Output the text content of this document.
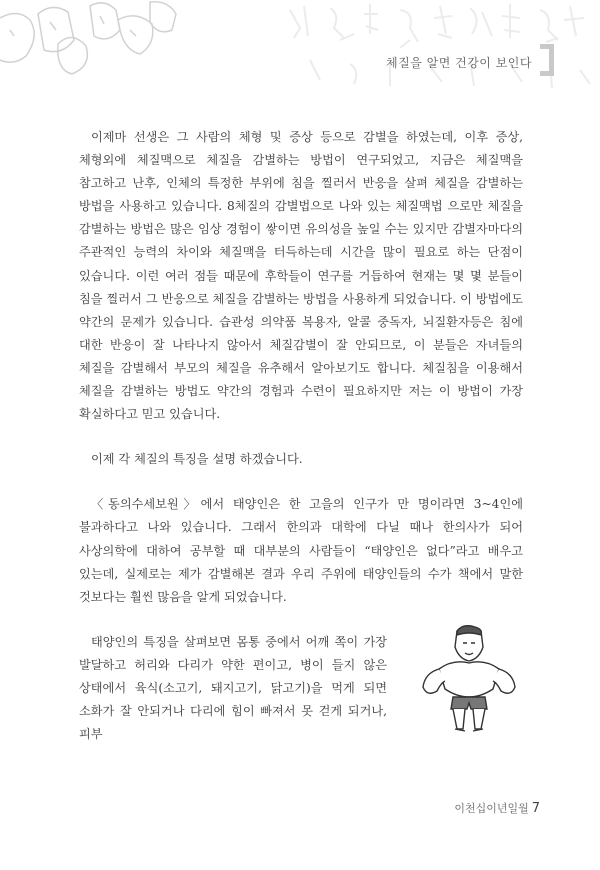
체질을 알면 건강이 보인다

이제마 선생은 그 사람의 체형 및 증상 등으로 감별을 하였는데, 이후 증상, 체형외에 체질맥으로 체질을 감별하는 방법이 연구되었고, 지금은 체질맥을 참고하고 난후, 인체의 특정한 부위에 침을 찔러서 반응을 살펴 체질을 감별하는 방법을 사용하고 있습니다. 8체질의 감별법으로 나와 있는 체질맥법 으로만 체질을 감별하는 방법은 많은 임상 경험이 쌓이면 유의성을 높일 수는 있지만 감별자마다의 주관적인 능력의 차이와 체질맥을 터득하는데 시간을 많이 필요로 하는 단점이 있습니다. 이런 여러 점들 때문에 후학들이 연구를 거듭하여 현재는 몇 몇 분들이 침을 찔러서 그 반응으로 체질을 감별하는 방법을 사용하게 되었습니다. 이 방법에도 약간의 문제가 있습니다. 습관성 의약품 복용자, 알콜 중독자, 뇌질환자등은 침에 대한 반응이 잘 나타나지 않아서 체질감별이 잘 안되므로, 이 분들은 자녀들의 체질을 감별해서 부모의 체질을 유추해서 알아보기도 합니다. 체질침을 이용해서 체질을 감별하는 방법도 약간의 경험과 수련이 필요하지만 저는 이 방법이 가장 확실하다고 믿고 있습니다.

이제 각 체질의 특징을 설명 하겠습니다.

〈동의수세보원〉에서 태양인은 한 고을의 인구가 만 명이라면 3~4인에 불과하다고 나와 있습니다. 그래서 한의과 대학에 다닐 때나 한의사가 되어 사상의학에 대하여 공부할 때 대부분의 사람들이 “태양인은 없다”라고 배우고 있는데, 실제로는 제가 감별해본 결과 우리 주위에 태양인들의 수가 책에서 말한 것보다는 훨씬 많음을 알게 되었습니다.

태양인의 특징을 살펴보면 몸통 중에서 어깨 쪽이 가장 발달하고 허리와 다리가 약한 편이고, 병이 들지 않은 상태에서 육식(소고기, 돼지고기, 닭고기)을 먹게 되면 소화가 잘 안되거나 다리에 힘이 빠져서 못 걷게 되거나, 피부

이천십이년일월 7
